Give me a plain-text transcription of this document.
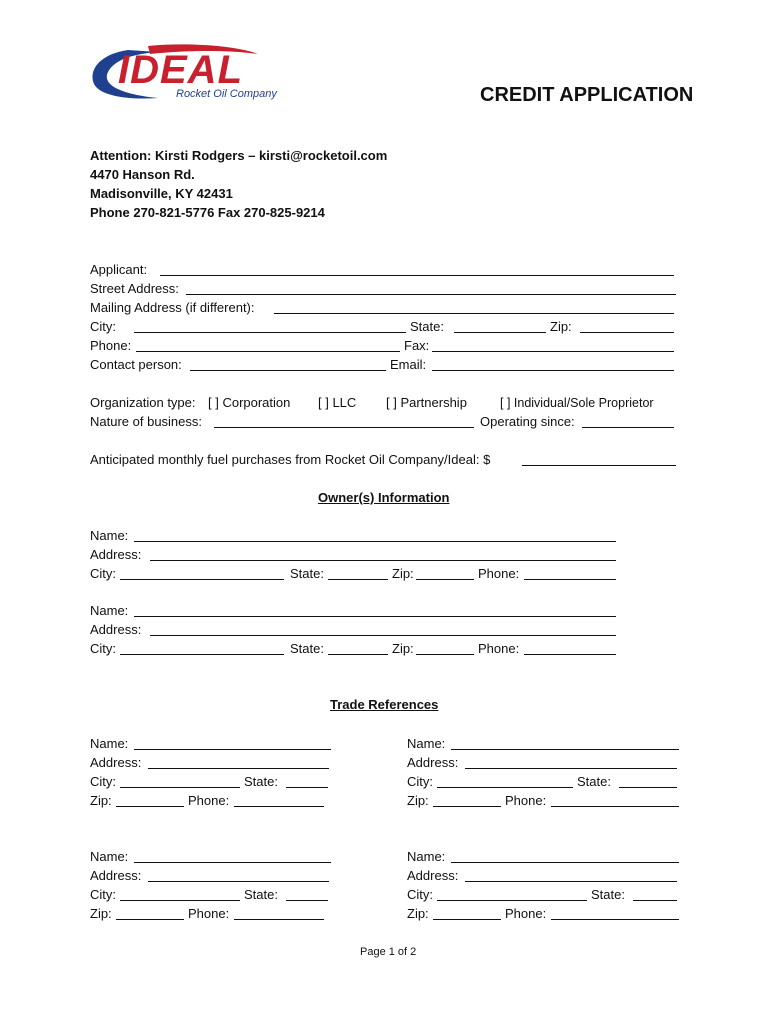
IDEAL
Rocket Oil Company	CREDIT APPLICATION
Attention: Kirsti Rodgers – kirsti@rocketoil.com
4470 Hanson Rd.
Madisonville, KY 42431
Phone 270-821-5776 Fax 270-825-9214
Applicant:
Street Address:
Mailing Address (if different):
City:	State:	Zip:
Phone:	Fax:
Contact person:	Email:
Organization type: [ ] Corporation [ ] LLC [ ] Partnership	[ ] Individual/Sole Proprietor
Nature of business:	Operating since:
Anticipated monthly fuel purchases from Rocket Oil Company/Ideal: $
Owner(s) Information
Name:
Address:
City:	State:	Zip:	Phone:
Name:
Address:
City:	State:	Zip:	Phone:
Trade References
Name:
Address:
City:	State:
Zip:	Phone:
Name:
Address:
City:	State:
Zip:	Phone:
Name:
Address:
City:	State:
Zip:	Phone:
Name:
Address:
City:	State:
Zip:	Phone:
Page 1 of 2
